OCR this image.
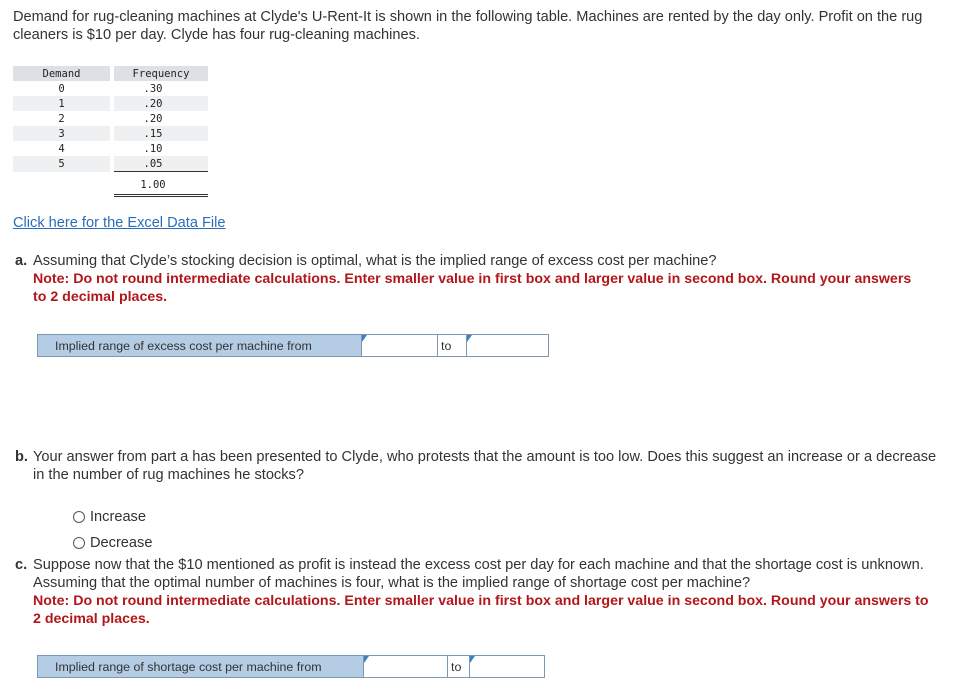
Demand for rug-cleaning machines at Clyde's U-Rent-It is shown in the following table. Machines are rented by the day only. Profit on the rug cleaners is $10 per day. Clyde has four rug-cleaning machines.
Demand		Frequency
0		.30
1		.20
2		.20
3		.15
4		.10
5		.05
		1.00
Click here for the Excel Data File
a. Assuming that Clyde’s stocking decision is optimal, what is the implied range of excess cost per machine?
Note: Do not round intermediate calculations. Enter smaller value in first box and larger value in second box. Round your answers to 2 decimal places.
Implied range of excess cost per machine from	to
b. Your answer from part a has been presented to Clyde, who protests that the amount is too low. Does this suggest an increase or a decrease in the number of rug machines he stocks?
Increase
Decrease
c. Suppose now that the $10 mentioned as profit is instead the excess cost per day for each machine and that the shortage cost is unknown. Assuming that the optimal number of machines is four, what is the implied range of shortage cost per machine?
Note: Do not round intermediate calculations. Enter smaller value in first box and larger value in second box. Round your answers to 2 decimal places.
Implied range of shortage cost per machine from	to
